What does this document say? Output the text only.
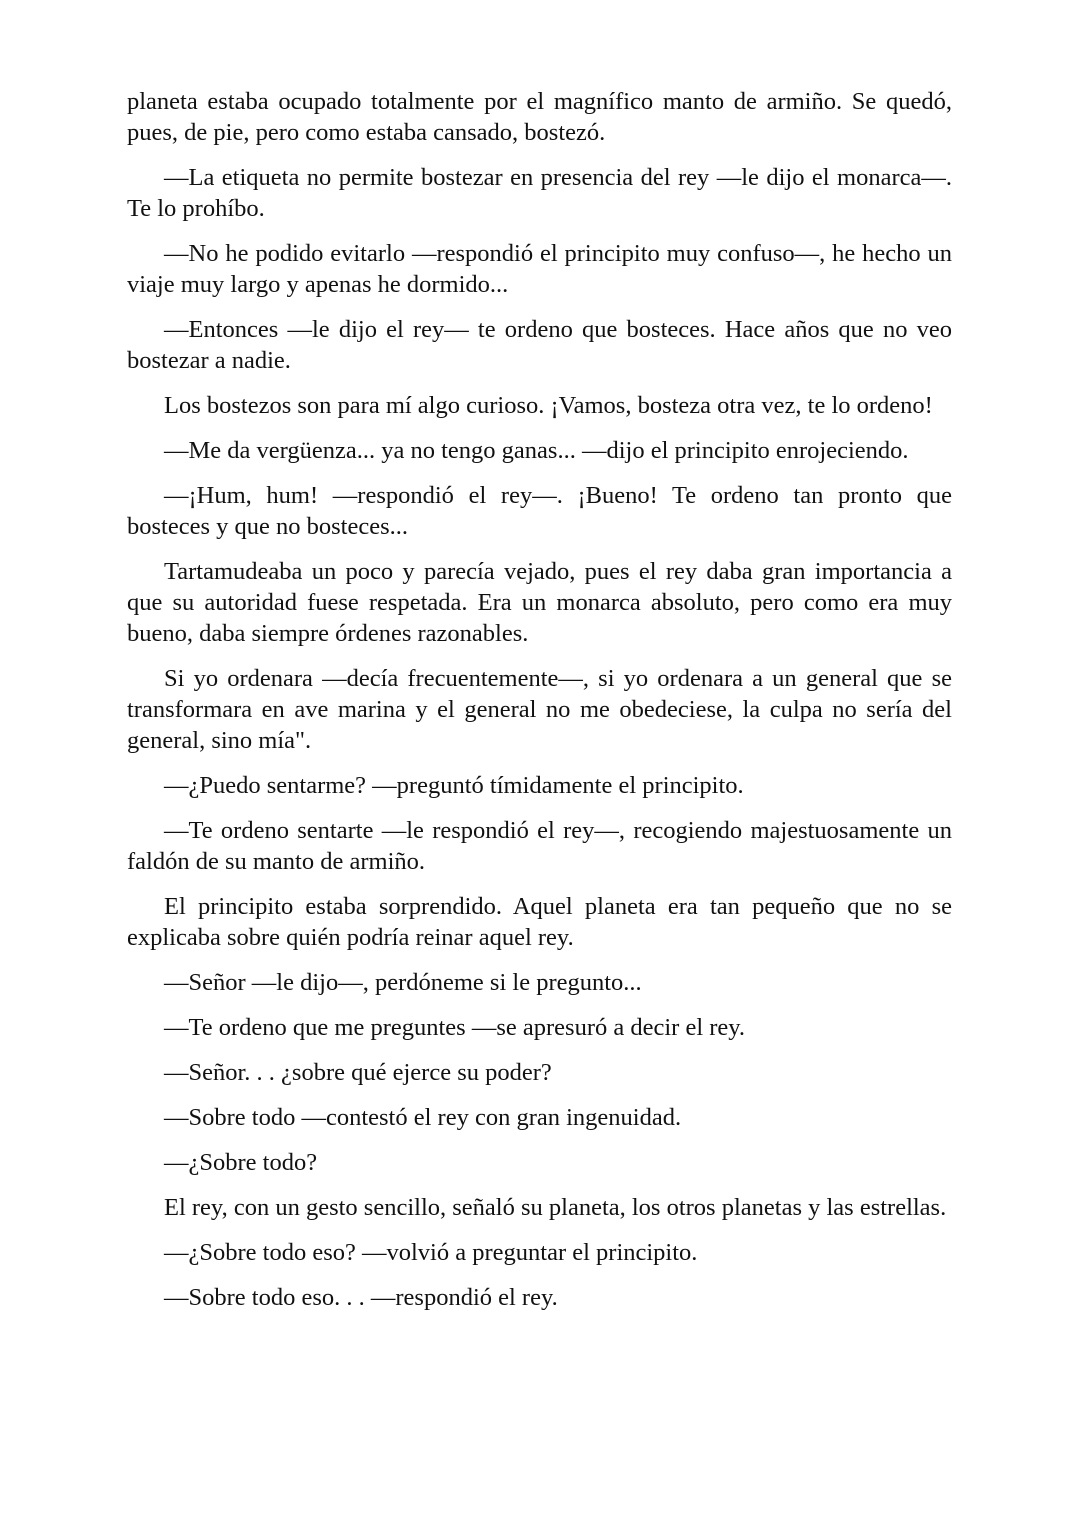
planeta estaba ocupado totalmente por el magnífico manto de armiño. Se quedó, pues, de pie, pero como estaba cansado, bostezó.

—La etiqueta no permite bostezar en presencia del rey —le dijo el monarca—. Te lo prohíbo.

—No he podido evitarlo —respondió el principito muy confuso—, he hecho un viaje muy largo y apenas he dormido...

—Entonces —le dijo el rey— te ordeno que bosteces. Hace años que no veo bostezar a nadie.

Los bostezos son para mí algo curioso. ¡Vamos, bosteza otra vez, te lo ordeno!

—Me da vergüenza... ya no tengo ganas... —dijo el principito enrojeciendo.

—¡Hum, hum! —respondió el rey—. ¡Bueno! Te ordeno tan pronto que bosteces y que no bosteces...

Tartamudeaba un poco y parecía vejado, pues el rey daba gran importancia a que su autoridad fuese respetada. Era un monarca absoluto, pero como era muy bueno, daba siempre órdenes razonables.

Si yo ordenara —decía frecuentemente—, si yo ordenara a un general que se transformara en ave marina y el general no me obedeciese, la culpa no sería del general, sino mía".

—¿Puedo sentarme? —preguntó tímidamente el principito.

—Te ordeno sentarte —le respondió el rey—, recogiendo majestuosamente un faldón de su manto de armiño.

El principito estaba sorprendido. Aquel planeta era tan pequeño que no se explicaba sobre quién podría reinar aquel rey.

—Señor —le dijo—, perdóneme si le pregunto...

—Te ordeno que me preguntes —se apresuró a decir el rey.

—Señor. . . ¿sobre qué ejerce su poder?

—Sobre todo —contestó el rey con gran ingenuidad.

—¿Sobre todo?

El rey, con un gesto sencillo, señaló su planeta, los otros planetas y las estrellas.

—¿Sobre todo eso? —volvió a preguntar el principito.

—Sobre todo eso. . . —respondió el rey.
